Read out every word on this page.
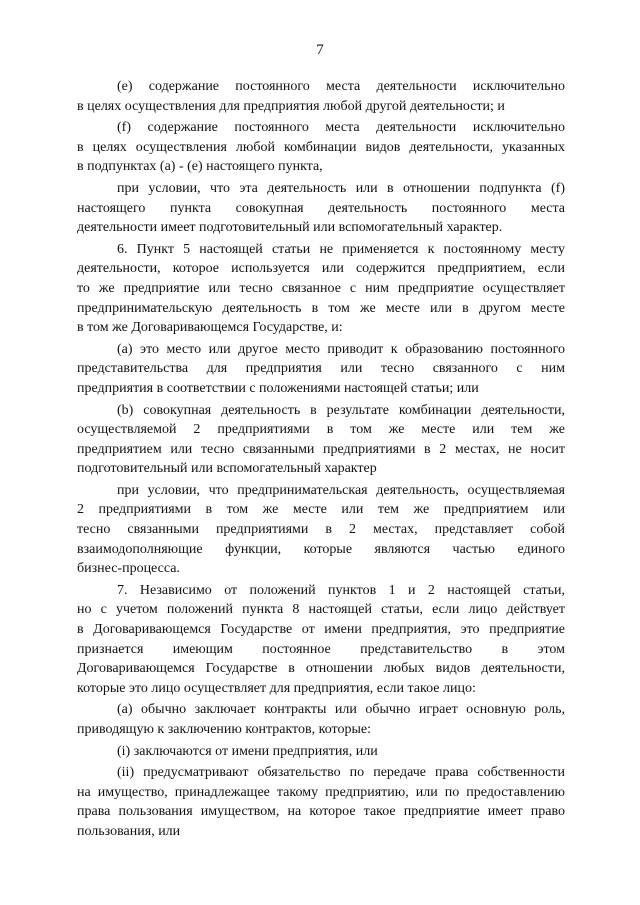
7
(e) содержание постоянного места деятельности исключительно
в целях осуществления для предприятия любой другой деятельности; и
(f) содержание постоянного места деятельности исключительно
в целях осуществления любой комбинации видов деятельности, указанных
в подпунктах (а) - (е) настоящего пункта,
при условии, что эта деятельность или в отношении подпункта (f)
настоящего пункта совокупная деятельность постоянного места
деятельности имеет подготовительный или вспомогательный характер.
6. Пункт 5 настоящей статьи не применяется к постоянному месту
деятельности, которое используется или содержится предприятием, если
то же предприятие или тесно связанное с ним предприятие осуществляет
предпринимательскую деятельность в том же месте или в другом месте
в том же Договаривающемся Государстве, и:
(а) это место или другое место приводит к образованию постоянного
представительства для предприятия или тесно связанного с ним
предприятия в соответствии с положениями настоящей статьи; или
(b) совокупная деятельность в результате комбинации деятельности,
осуществляемой 2 предприятиями в том же месте или тем же
предприятием или тесно связанными предприятиями в 2 местах, не носит
подготовительный или вспомогательный характер
при условии, что предпринимательская деятельность, осуществляемая
2 предприятиями в том же месте или тем же предприятием или
тесно связанными предприятиями в 2 местах, представляет собой
взаимодополняющие функции, которые являются частью единого
бизнес-процесса.
7. Независимо от положений пунктов 1 и 2 настоящей статьи,
но с учетом положений пункта 8 настоящей статьи, если лицо действует
в Договаривающемся Государстве от имени предприятия, это предприятие
признается имеющим постоянное представительство в этом
Договаривающемся Государстве в отношении любых видов деятельности,
которые это лицо осуществляет для предприятия, если такое лицо:
(а) обычно заключает контракты или обычно играет основную роль,
приводящую к заключению контрактов, которые:
(i) заключаются от имени предприятия, или
(ii) предусматривают обязательство по передаче права собственности
на имущество, принадлежащее такому предприятию, или по предоставлению
права пользования имуществом, на которое такое предприятие имеет право
пользования, или
